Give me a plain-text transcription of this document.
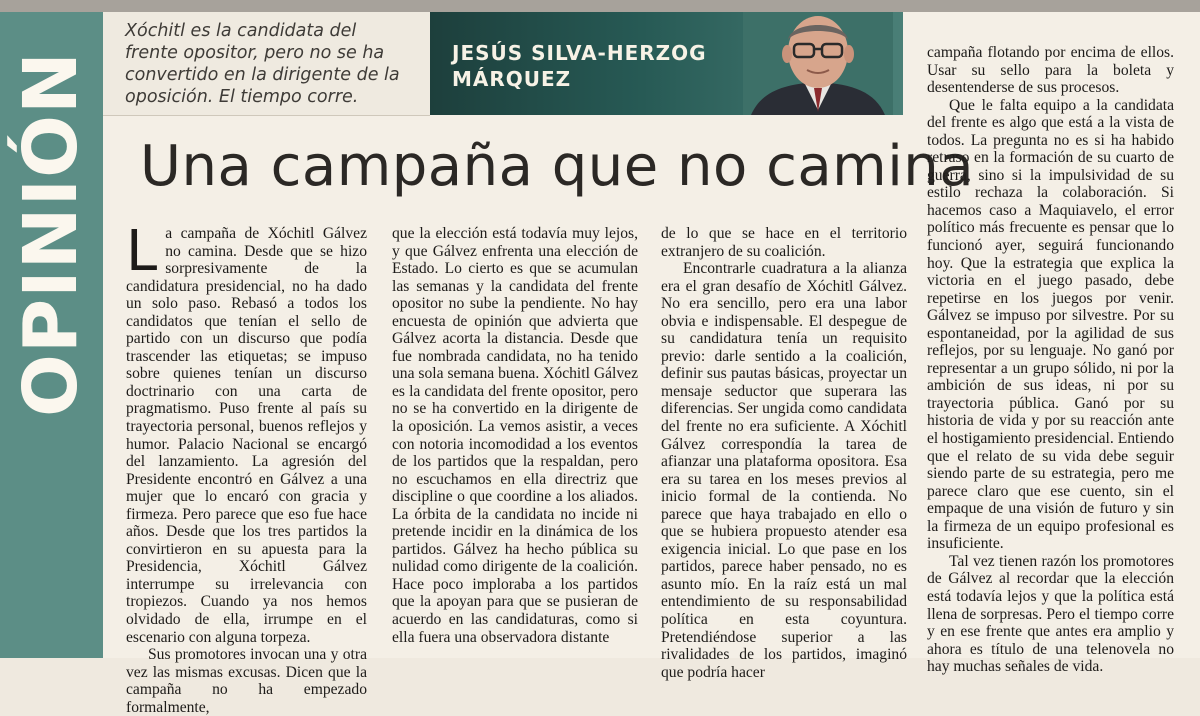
OPINIÓN

Xóchitl es la candidata del frente opositor, pero no se ha convertido en la dirigente de la oposición. El tiempo corre.

JESÚS SILVA-HERZOG
MÁRQUEZ
Una campaña que no camina
L a campaña de Xóchitl Gálvez no camina. Desde que se hizo sorpresivamente de la candidatura presidencial, no ha dado un solo paso. Rebasó a todos los candidatos que tenían el sello de partido con un discurso que podía trascender las etiquetas; se impuso sobre quienes tenían un discurso doctrinario con una carta de pragmatismo. Puso frente al país su trayectoria personal, buenos reflejos y humor. Palacio Nacional se encargó del lanzamiento. La agresión del Presidente encontró en Gálvez a una mujer que lo encaró con gracia y firmeza. Pero parece que eso fue hace años. Desde que los tres partidos la convirtieron en su apuesta para la Presidencia, Xóchitl Gálvez interrumpe su irrelevancia con tropiezos. Cuando ya nos hemos olvidado de ella, irrumpe en el escenario con alguna torpeza.

Sus promotores invocan una y otra vez las mismas excusas. Dicen que la campaña no ha empezado formalmente,

que la elección está todavía muy lejos, y que Gálvez enfrenta una elección de Estado. Lo cierto es que se acumulan las semanas y la candidata del frente opositor no sube la pendiente. No hay encuesta de opinión que advierta que Gálvez acorta la distancia. Desde que fue nombrada candidata, no ha tenido una sola semana buena. Xóchitl Gálvez es la candidata del frente opositor, pero no se ha convertido en la dirigente de la oposición. La vemos asistir, a veces con notoria incomodidad a los eventos de los partidos que la respaldan, pero no escuchamos en ella directriz que discipline o que coordine a los aliados. La órbita de la candidata no incide ni pretende incidir en la dinámica de los partidos. Gálvez ha hecho pública su nulidad como dirigente de la coalición. Hace poco imploraba a los partidos que la apoyan para que se pusieran de acuerdo en las candidaturas, como si ella fuera una observadora distante

de lo que se hace en el territorio extranjero de su coalición.

Encontrarle cuadratura a la alianza era el gran desafío de Xóchitl Gálvez. No era sencillo, pero era una labor obvia e indispensable. El despegue de su candidatura tenía un requisito previo: darle sentido a la coalición, definir sus pautas básicas, proyectar un mensaje seductor que superara las diferencias. Ser ungida como candidata del frente no era suficiente. A Xóchitl Gálvez correspondía la tarea de afianzar una plataforma opositora. Esa era su tarea en los meses previos al inicio formal de la contienda. No parece que haya trabajado en ello o que se hubiera propuesto atender esa exigencia inicial. Lo que pase en los partidos, parece haber pensado, no es asunto mío. En la raíz está un mal entendimiento de su responsabilidad política en esta coyuntura. Pretendiéndose superior a las rivalidades de los partidos, imaginó que podría hacer

campaña flotando por encima de ellos. Usar su sello para la boleta y desentenderse de sus procesos.

Que le falta equipo a la candidata del frente es algo que está a la vista de todos. La pregunta no es si ha habido retraso en la formación de su cuarto de guerra, sino si la impulsividad de su estilo rechaza la colaboración. Si hacemos caso a Maquiavelo, el error político más frecuente es pensar que lo funcionó ayer, seguirá funcionando hoy. Que la estrategia que explica la victoria en el juego pasado, debe repetirse en los juegos por venir. Gálvez se impuso por silvestre. Por su espontaneidad, por la agilidad de sus reflejos, por su lenguaje. No ganó por representar a un grupo sólido, ni por la ambición de sus ideas, ni por su trayectoria pública. Ganó por su historia de vida y por su reacción ante el hostigamiento presidencial. Entiendo que el relato de su vida debe seguir siendo parte de su estrategia, pero me parece claro que ese cuento, sin el empaque de una visión de futuro y sin la firmeza de un equipo profesional es insuficiente.

Tal vez tienen razón los promotores de Gálvez al recordar que la elección está todavía lejos y que la política está llena de sorpresas. Pero el tiempo corre y en ese frente que antes era amplio y ahora es título de una telenovela no hay muchas señales de vida.
